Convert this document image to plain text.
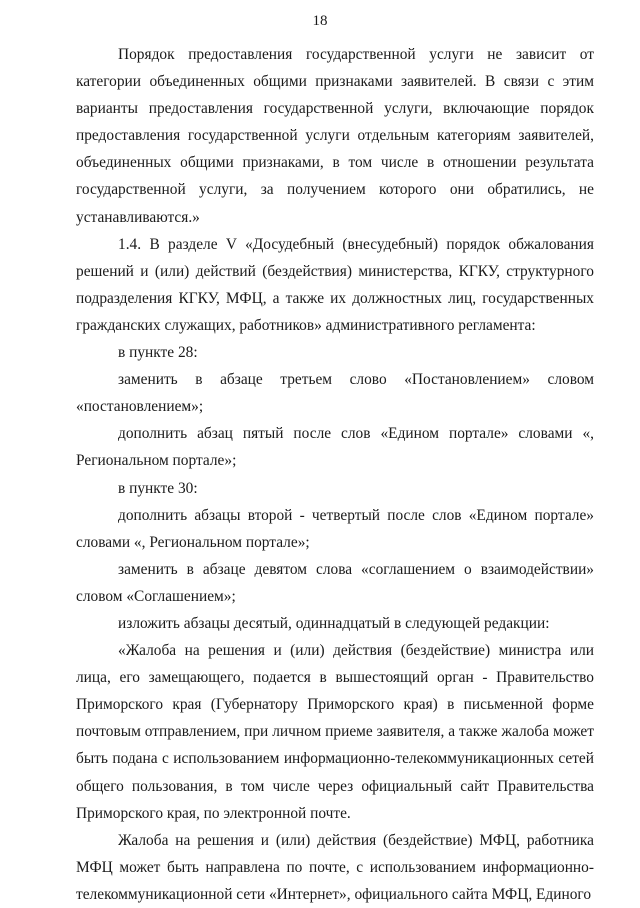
18

Порядок предоставления государственной услуги не зависит от категории объединенных общими признаками заявителей. В связи с этим варианты предоставления государственной услуги, включающие порядок предоставления государственной услуги отдельным категориям заявителей, объединенных общими признаками, в том числе в отношении результата государственной услуги, за получением которого они обратились, не устанавливаются.»

1.4. В разделе V «Досудебный (внесудебный) порядок обжалования решений и (или) действий (бездействия) министерства, КГКУ, структурного подразделения КГКУ, МФЦ, а также их должностных лиц, государственных гражданских служащих, работников» административного регламента:

в пункте 28:

заменить в абзаце третьем слово «Постановлением» словом «постановлением»;

дополнить абзац пятый после слов «Едином портале» словами «, Региональном портале»;

в пункте 30:

дополнить абзацы второй - четвертый после слов «Едином портале» словами «, Региональном портале»;

заменить в абзаце девятом слова «соглашением о взаимодействии» словом «Соглашением»;

изложить абзацы десятый, одиннадцатый в следующей редакции:

«Жалоба на решения и (или) действия (бездействие) министра или лица, его замещающего, подается в вышестоящий орган - Правительство Приморского края (Губернатору Приморского края) в письменной форме почтовым отправлением, при личном приеме заявителя, а также жалоба может быть подана с использованием информационно-телекоммуникационных сетей общего пользования, в том числе через официальный сайт Правительства Приморского края, по электронной почте.

Жалоба на решения и (или) действия (бездействие) МФЦ, работника МФЦ может быть направлена по почте, с использованием информационно-телекоммуникационной сети «Интернет», официального сайта МФЦ, Единого
